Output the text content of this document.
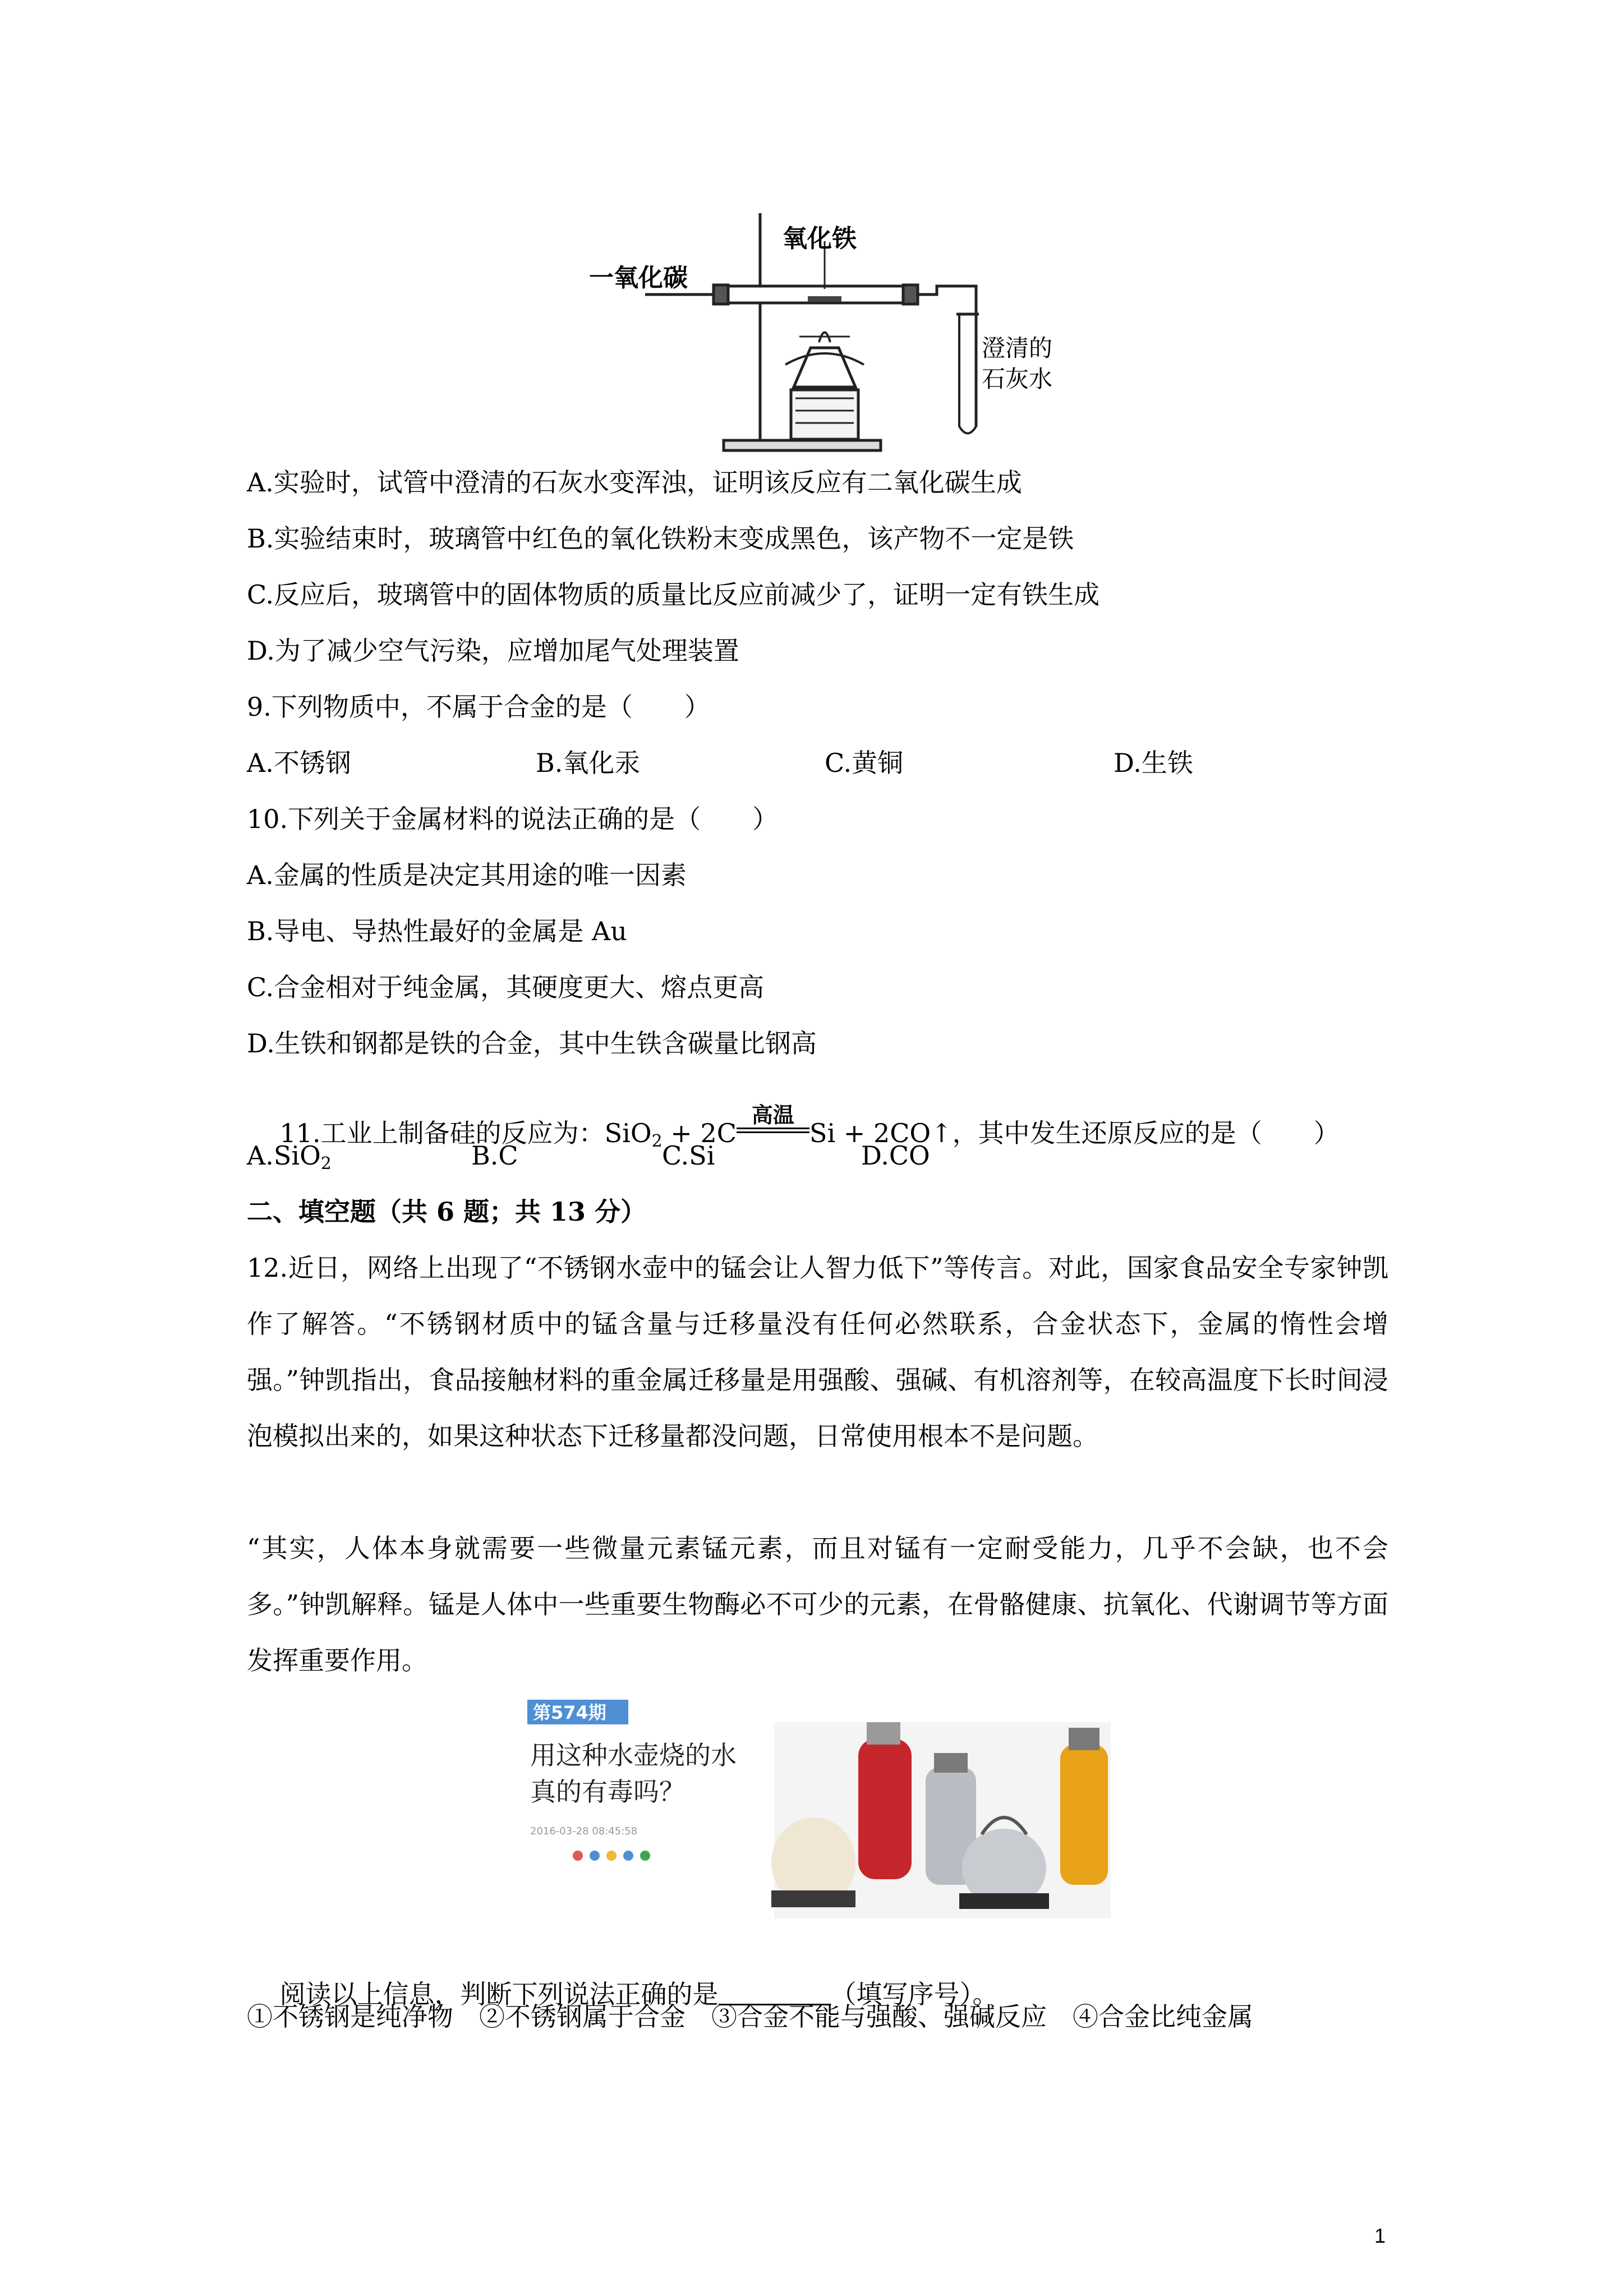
一氧化碳
氧化铁
澄清的
石灰水
A.实验时，试管中澄清的石灰水变浑浊，证明该反应有二氧化碳生成
B.实验结束时，玻璃管中红色的氧化铁粉末变成黑色，该产物不一定是铁
C.反应后，玻璃管中的固体物质的质量比反应前减少了，证明一定有铁生成
D.为了减少空气污染，应增加尾气处理装置
9.下列物质中，不属于合金的是（　　）
A.不锈钢	B.氧化汞	C.黄铜	D.生铁
10.下列关于金属材料的说法正确的是（　　）
A.金属的性质是决定其用途的唯一因素
B.导电、导热性最好的金属是 Au
C.合金相对于纯金属，其硬度更大、熔点更高
D.生铁和钢都是铁的合金，其中生铁含碳量比钢高

11.工业上制备硅的反应为：SiO$_2$ + 2C
高温
Si + 2CO↑，其中发生还原反应的是（　　）

A.SiO$_2$	B.C	C.Si	D.CO
二、填空题（共 6 题；共 13 分）
12.近日，网络上出现了“不锈钢水壶中的锰会让人智力低下”等传言。对此，国家食品安全专家钟凯作了解答。“不锈钢材质中的锰含量与迁移量没有任何必然联系，合金状态下，金属的惰性会增强。”钟凯指出，食品接触材料的重金属迁移量是用强酸、强碱、有机溶剂等，在较高温度下长时间浸泡模拟出来的，如果这种状态下迁移量都没问题，日常使用根本不是问题。
“其实，人体本身就需要一些微量元素锰元素，而且对锰有一定耐受能力，几乎不会缺，也不会多。”钟凯解释。锰是人体中一些重要生物酶必不可少的元素，在骨骼健康、抗氧化、代谢调节等方面发挥重要作用。
第574期
用这种水壶烧的水
真的有毒吗？
2016-03-28 08:45:58

阅读以上信息，判断下列说法正确的是	（填写序号）。

①不锈钢是纯净物　②不锈钢属于合金　③合金不能与强酸、强碱反应　④合金比纯金属
1
